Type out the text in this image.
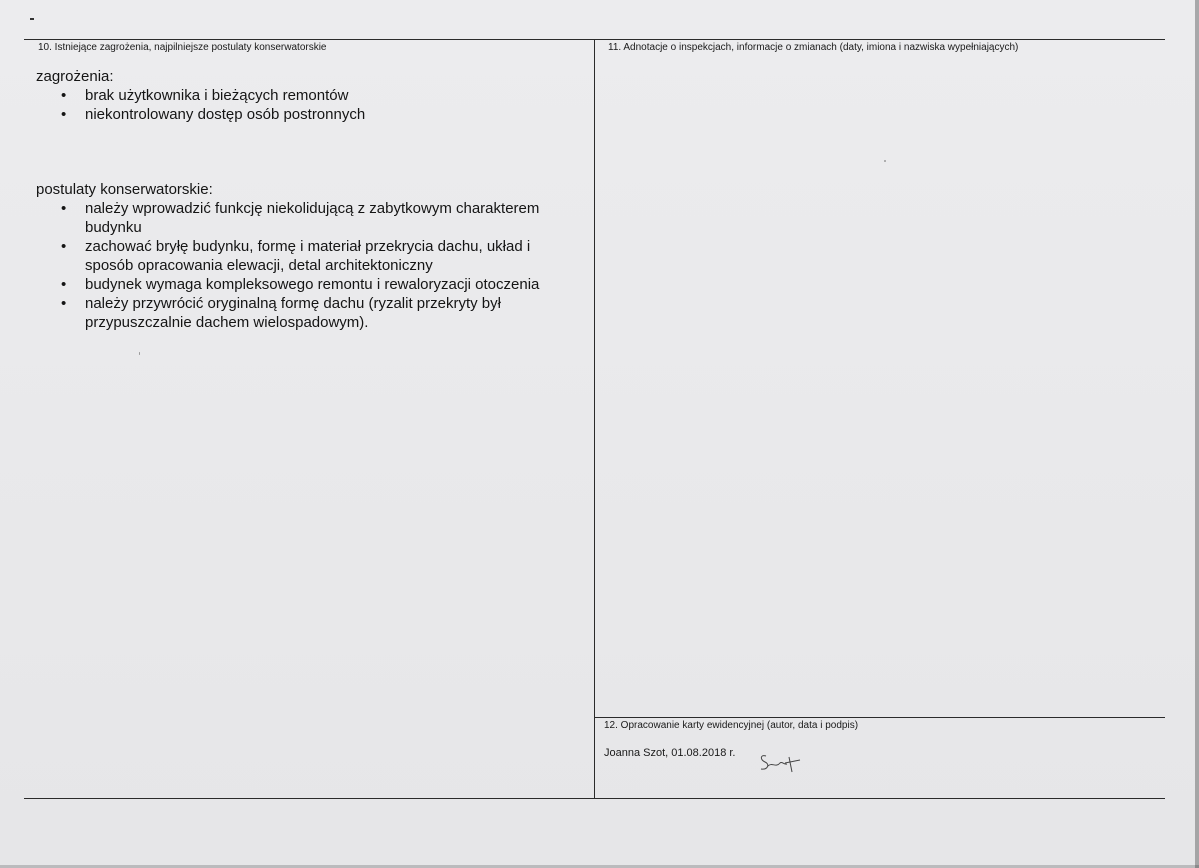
10. Istniejące zagrożenia, najpilniejsze postulaty konserwatorskie	11. Adnotacje o inspekcjach, informacje o zmianach (daty, imiona i nazwiska wypełniających)
12. Opracowanie karty ewidencyjnej (autor, data i podpis)
zagrożenia:
• brak użytkownika i bieżących remontów
• niekontrolowany dostęp osób postronnych
postulaty konserwatorskie:
• należy wprowadzić funkcję niekolidującą z zabytkowym charakterem budynku
• zachować bryłę budynku, formę i materiał przekrycia dachu, układ i sposób opracowania elewacji, detal architektoniczny
• budynek wymaga kompleksowego remontu i rewaloryzacji otoczenia
• należy przywrócić oryginalną formę dachu (ryzalit przekryty był przypuszczalnie dachem wielospadowym).
Joanna Szot, 01.08.2018 r.
